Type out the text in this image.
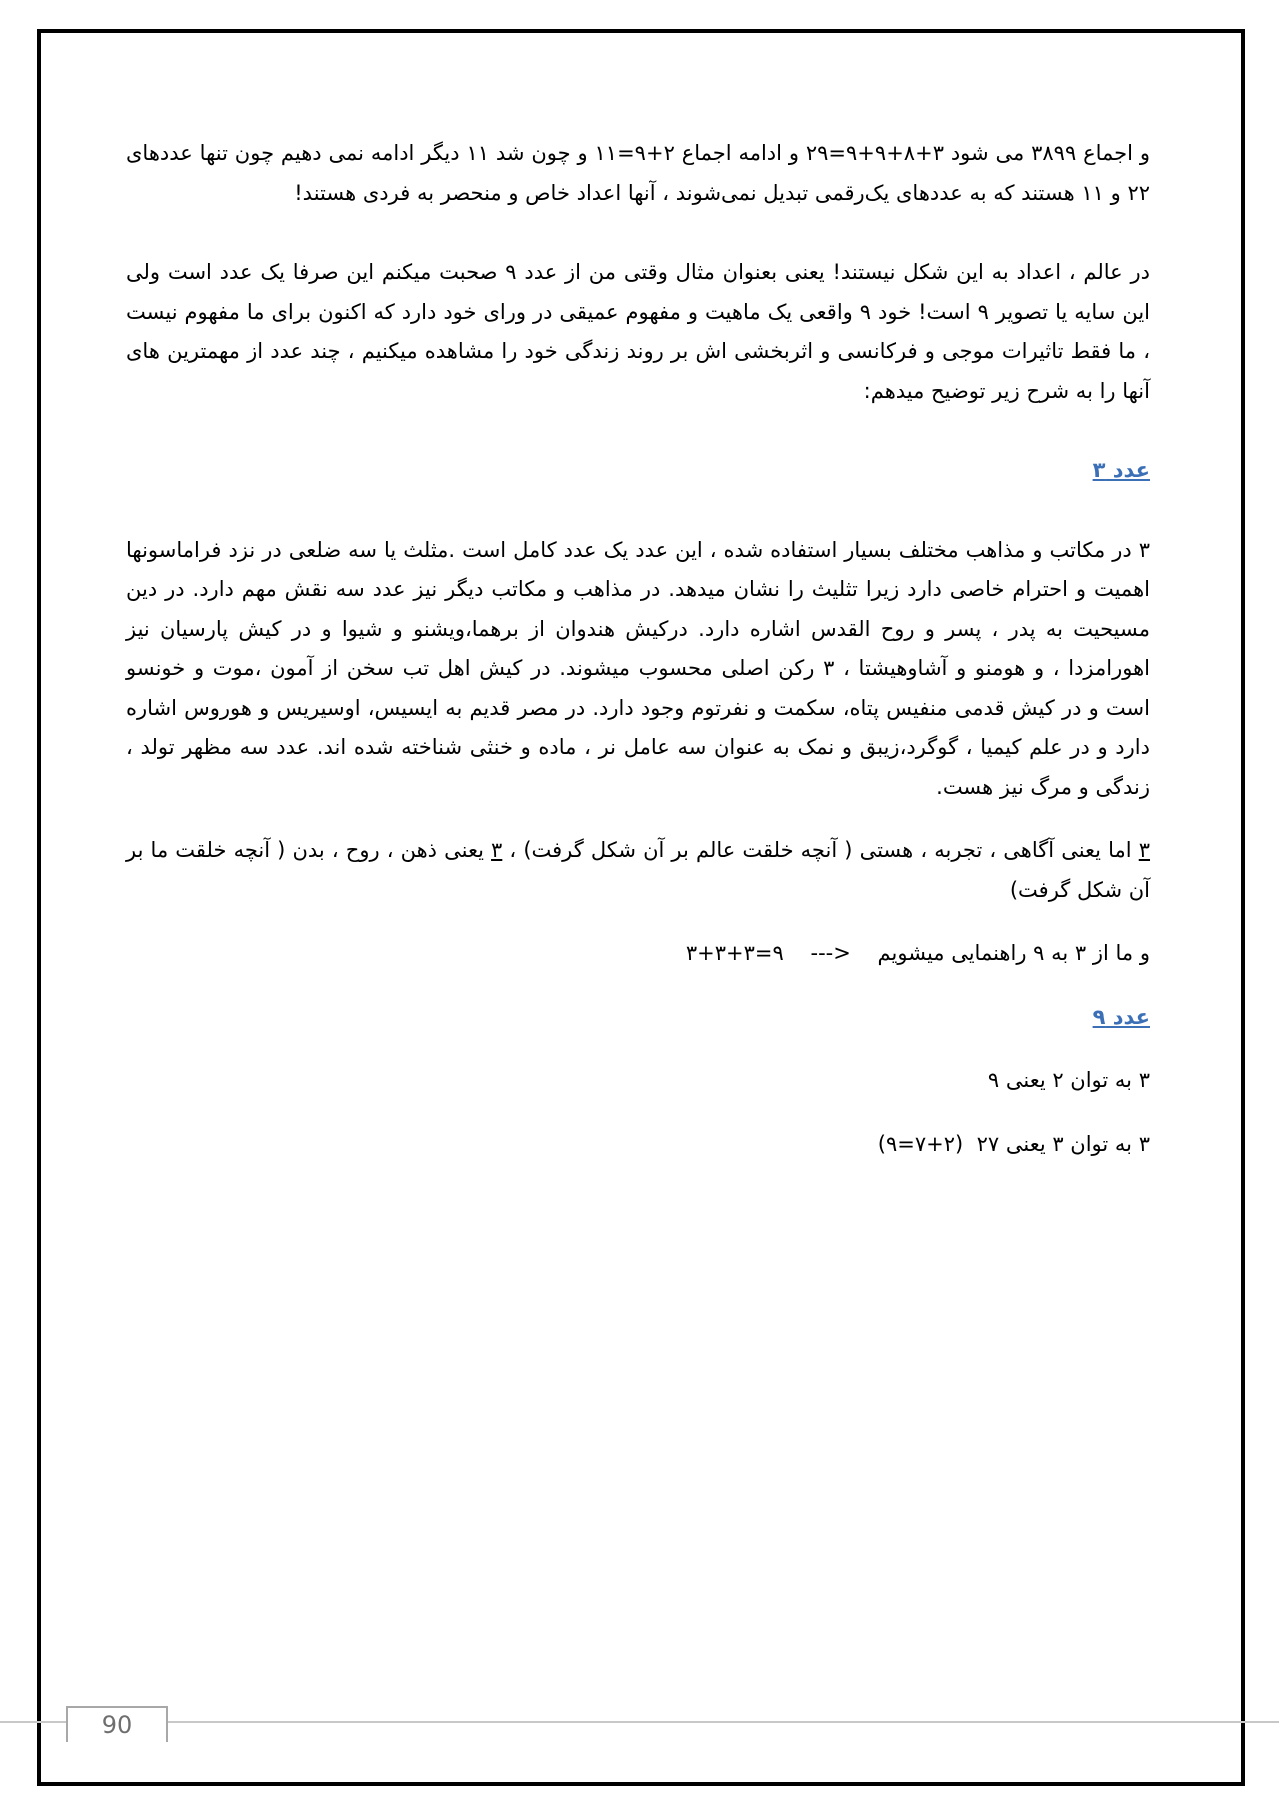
و اجماع ۳۸۹۹ می شود ۳+۸+۹+۹=۲۹ و ادامه اجماع ۲+۹=۱۱ و چون شد ۱۱ دیگر ادامه نمی دهیم چون تنها عددهای ۲۲ و ۱۱ هستند که به عددهای یک‌رقمی تبدیل نمی‌شوند ، آنها اعداد خاص و منحصر به فردی هستند!

در عالم ، اعداد به این شکل نیستند! یعنی بعنوان مثال وقتی من از عدد ۹ صحبت میکنم این صرفا یک عدد است ولی این سایه یا تصویر ۹ است! خود ۹ واقعی یک ماهیت و مفهوم عمیقی در ورای خود دارد که اکنون برای ما مفهوم نیست ، ما فقط تاثیرات موجی و فرکانسی و اثربخشی اش بر روند زندگی خود را مشاهده میکنیم ، چند عدد از مهمترین های آنها را به شرح زیر توضیح میدهم:

عدد ۳

۳ در مکاتب و مذاهب مختلف بسیار استفاده شده ، این عدد یک عدد کامل است .مثلث یا سه ضلعی در نزد فراماسونها اهمیت و احترام خاصی دارد زیرا تثلیث را نشان میدهد. در مذاهب و مکاتب دیگر نیز عدد سه نقش مهم دارد. در دین مسیحیت به پدر ، پسر و روح القدس اشاره دارد. درکیش هندوان از برهما،ویشنو و شیوا و در کیش پارسیان نیز اهورامزدا ، و هومنو و آشاوهیشتا ، ۳ رکن اصلی محسوب میشوند. در کیش اهل تب سخن از آمون ،موت و خونسو است و در کیش قدمی منفیس پتاه، سکمت و نفرتوم وجود دارد. در مصر قدیم به ایسیس، اوسیریس و هوروس اشاره دارد و در علم کیمیا ، گوگرد،زیبق و نمک به عنوان سه عامل نر ، ماده و خنثی شناخته شده اند. عدد سه مظهر تولد ، زندگی و مرگ نیز هست.

۳ اما یعنی آگاهی ، تجربه ، هستی ( آنچه خلقت عالم بر آن شکل گرفت) ، ۳ یعنی ذهن ، روح ، بدن ( آنچه خلقت ما بر آن شکل گرفت)

و ما از ۳ به ۹ راهنمایی میشویم    --->    ۹=۳+۳+۳

عدد ۹

۳ به توان ۲ یعنی ۹

۳ به توان ۳ یعنی ۲۷  (۲+۷=۹)

90
